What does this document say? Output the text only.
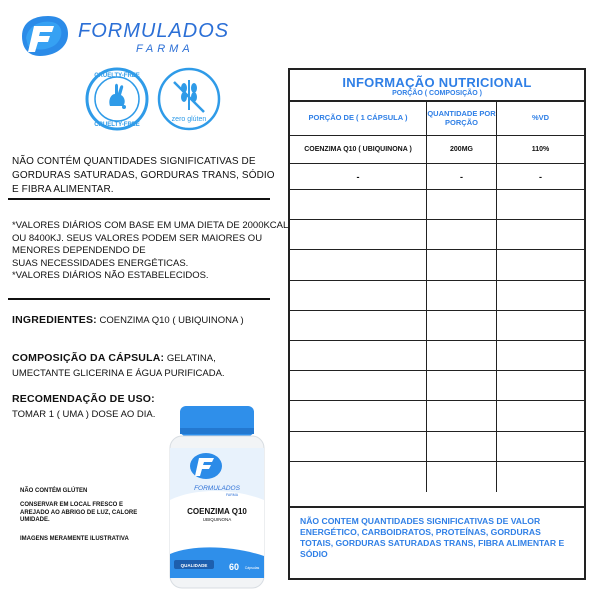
FORMULADOS
FARMA
CRUELTY-FREE
CRUELTY-FREE
zero glúten
NÃO CONTÉM QUANTIDADES SIGNIFICATIVAS DE GORDURAS SATURADAS, GORDURAS TRANS, SÓDIO E FIBRA ALIMENTAR.
*VALORES DIÁRIOS COM BASE EM UMA DIETA DE 2000KCAL
OU 8400KJ. SEUS VALORES PODEM SER MAIORES OU
MENORES DEPENDENDO DE
SUAS NECESSIDADES ENERGÉTICAS.
*VALORES DIÁRIOS NÃO ESTABELECIDOS.
INGREDIENTES: COENZIMA Q10 ( UBIQUINONA )
COMPOSIÇÃO DA CÁPSULA: GELATINA, UMECTANTE GLICERINA E ÁGUA PURIFICADA.
RECOMENDAÇÃO DE USO:
TOMAR 1 ( UMA ) DOSE AO DIA.
NÃO CONTÉM GLÚTEN
CONSERVAR EM LOCAL FRESCO E AREJADO AO ABRIGO DE LUZ, CALORE UMIDADE.
IMAGENS MERAMENTE ILUSTRATIVA
FORMULADOS
FARMA
COENZIMA Q10
UBIQUINONA
QUALIDADE 60 Cápsulas
INFORMAÇÃO NUTRICIONAL
PORÇÃO ( COMPOSIÇÃO )
PORÇÃO DE ( 1 CÁPSULA )	QUANTIDADE POR PORÇÃO	%VD
COENZIMA Q10 ( UBIQUINONA )	200MG	110%
-	-	-
NÃO CONTEM QUANTIDADES SIGNIFICATIVAS DE VALOR ENERGÉTICO, CARBOIDRATOS, PROTEÍNAS, GORDURAS TOTAIS, GORDURAS SATURADAS TRANS, FIBRA ALIMENTAR E SÓDIO
